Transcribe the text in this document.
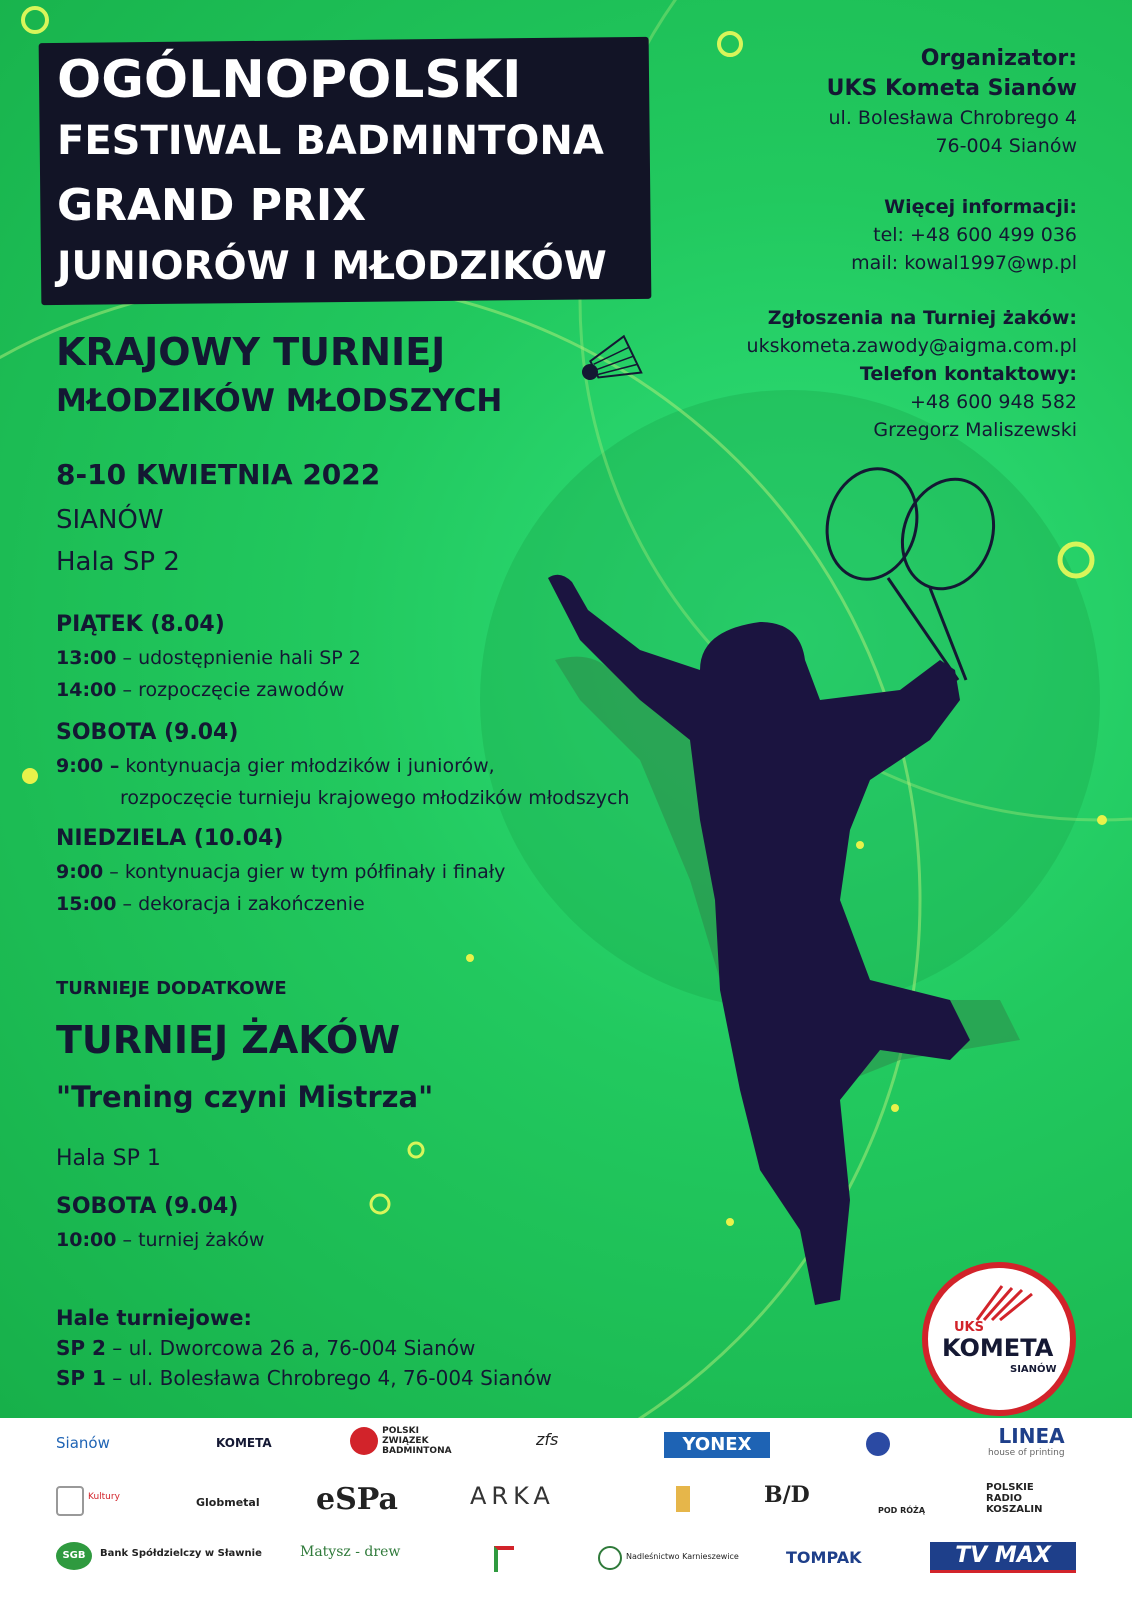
OGÓLNOPOLSKI
FESTIWAL BADMINTONA
GRAND PRIX
JUNIORÓW I MŁODZIKÓW
KRAJOWY TURNIEJ
MŁODZIKÓW MŁODSZYCH
8-10 KWIETNIA 2022
SIANÓW
Hala SP 2
Organizator:
UKS Kometa Sianów
ul. Bolesława Chrobrego 4
76-004 Sianów
Więcej informacji:
tel: +48 600 499 036
mail: kowal1997@wp.pl
Zgłoszenia na Turniej żaków:
ukskometa.zawody@aigma.com.pl
Telefon kontaktowy:
+48 600 948 582
Grzegorz Maliszewski
PIĄTEK (8.04)
13:00 – udostępnienie hali SP 2
14:00 – rozpoczęcie zawodów
SOBOTA (9.04)
9:00 – kontynuacja gier młodzików i juniorów,
rozpoczęcie turnieju krajowego młodzików młodszych
NIEDZIELA (10.04)
9:00 – kontynuacja gier w tym półfinały i finały
15:00 – dekoracja i zakończenie
TURNIEJE DODATKOWE
TURNIEJ ŻAKÓW
"Trening czyni Mistrza"
Hala SP 1
SOBOTA (9.04)
10:00 – turniej żaków
Hale turniejowe:
SP 2 – ul. Dworcowa 26 a, 76-004 Sianów
SP 1 – ul. Bolesława Chrobrego 4, 76-004 Sianów
UKS
KOMETA
SIANÓW
Sianów	KOMETA
POLSKI
ZWIĄZEK
BADMINTONA
zfs	YONEX	LINEA
house of printing
Kultury	Globmetal eSPa	ARKA	B/D
POD RÓŻĄ
POLSKIE
RADIO
KOSZALIN
SGB	Bank Spółdzielczy w Sławnie	Matysz - drew	Nadleśnictwo Karnieszewice	TOMPAK	TV MAX
